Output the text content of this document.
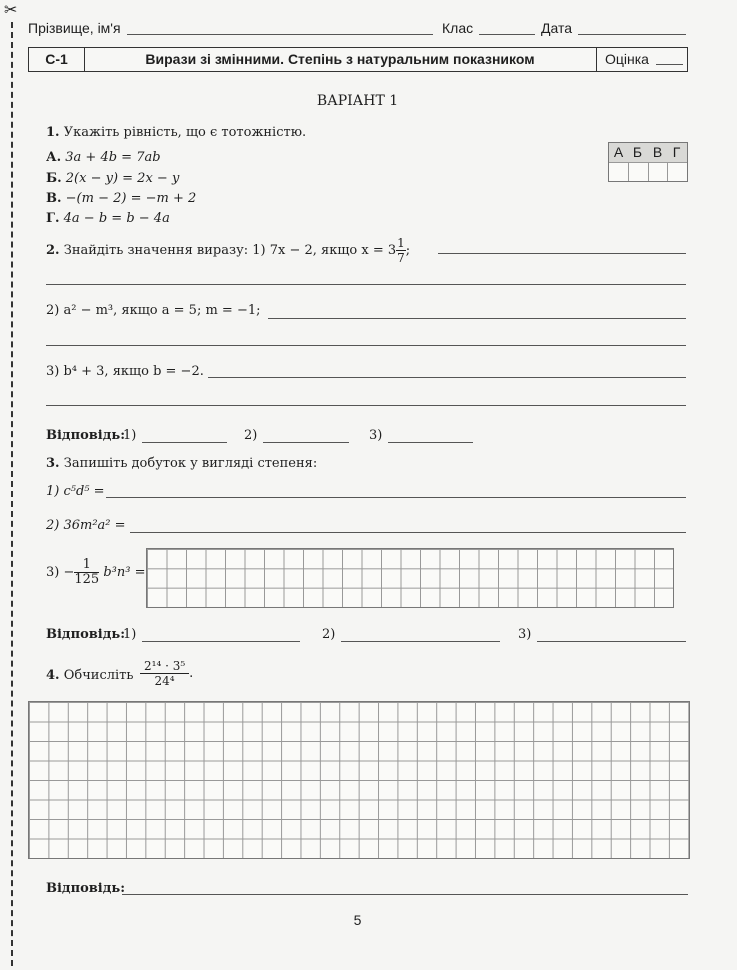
✂
Прізвище, ім'я	Клас	Дата
С-1	Вирази зі змінними. Степінь з натуральним показником	Оцінка
ВАРІАНТ 1
1. Укажіть рівність, що є тотожністю.
А. 3a + 4b = 7ab
Б. 2(x − y) = 2x − y
В. −(m − 2) = −m + 2
Г. 4a − b = b − 4a
А Б В Г
2. Знайдіть значення виразу: 1) 7x − 2, якщо $x = 3 \frac{1}{7}$ ;
2) a² − m³, якщо a = 5; m = −1;
3) b⁴ + 3, якщо b = −2.
Відповідь:
1)	2)	3)
3. Запишіть добуток у вигляді степеня:
1) c⁵d⁵ =
2) 36m²a² =
$3) - \frac{1}{125} b^3n^3$ =
Відповідь:
1)	2)	3)
4. Обчисліть $\frac{\text{2¹⁴ · 3⁵}}{\text{24⁴}}$ .
Відповідь:
5
